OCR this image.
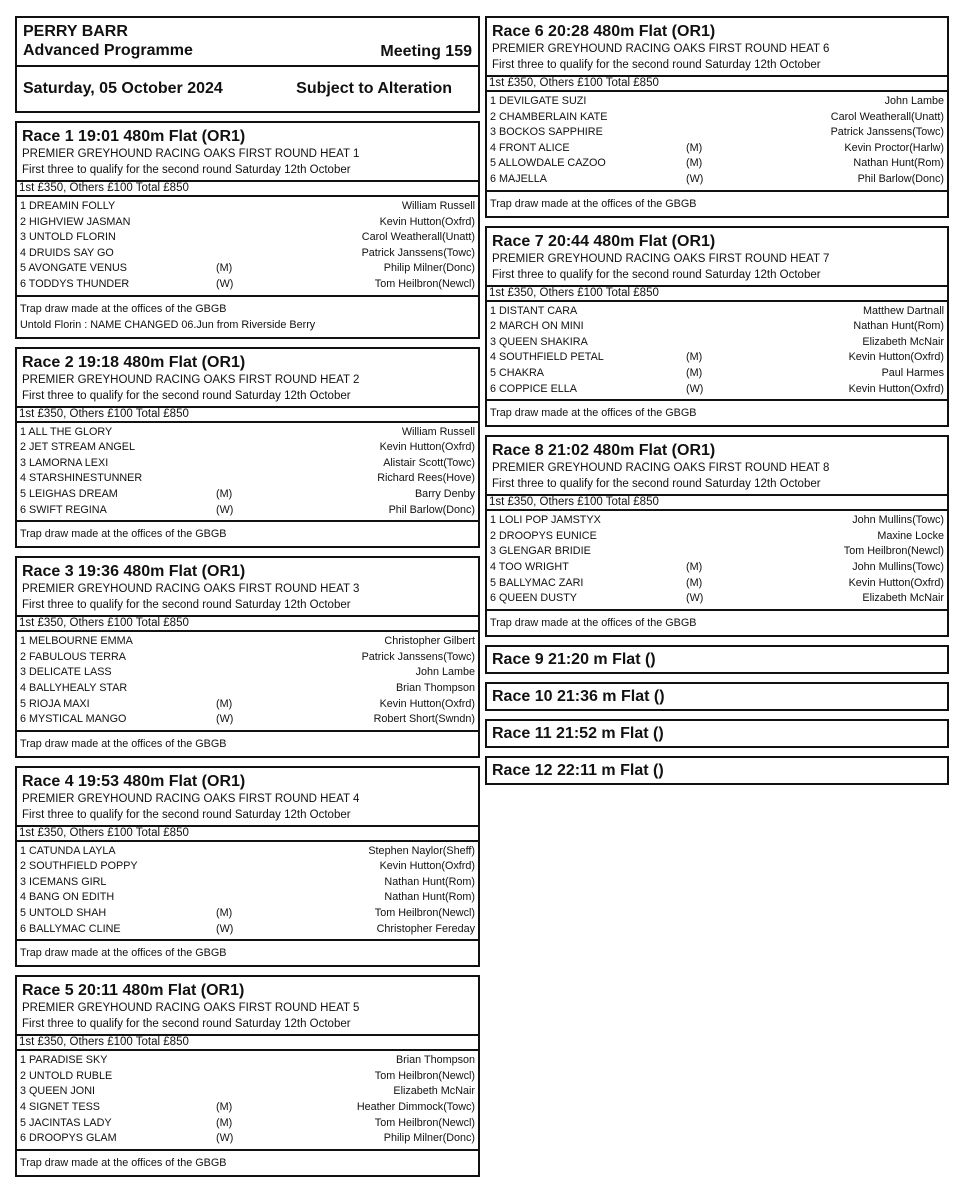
PERRY BARR
Advanced Programme	Meeting 159
Saturday, 05 October 2024	Subject to Alteration
Race 1 19:01 480m Flat (OR1)
PREMIER GREYHOUND RACING OAKS FIRST ROUND HEAT 1
First three to qualify for the second round Saturday 12th October
1st £350, Others £100 Total £850
1 DREAMIN FOLLY	William Russell
2 HIGHVIEW JASMAN	Kevin Hutton(Oxfrd)
3 UNTOLD FLORIN	Carol Weatherall(Unatt)
4 DRUIDS SAY GO	Patrick Janssens(Towc)
5 AVONGATE VENUS	(M)	Philip Milner(Donc)
6 TODDYS THUNDER	(W)	Tom Heilbron(Newcl)
Trap draw made at the offices of the GBGB
Untold Florin : NAME CHANGED 06.Jun from Riverside Berry
Race 2 19:18 480m Flat (OR1)
PREMIER GREYHOUND RACING OAKS FIRST ROUND HEAT 2
First three to qualify for the second round Saturday 12th October
1st £350, Others £100 Total £850
1 ALL THE GLORY	William Russell
2 JET STREAM ANGEL	Kevin Hutton(Oxfrd)
3 LAMORNA LEXI	Alistair Scott(Towc)
4 STARSHINESTUNNER	Richard Rees(Hove)
5 LEIGHAS DREAM	(M)	Barry Denby
6 SWIFT REGINA	(W)	Phil Barlow(Donc)
Trap draw made at the offices of the GBGB
Race 3 19:36 480m Flat (OR1)
PREMIER GREYHOUND RACING OAKS FIRST ROUND HEAT 3
First three to qualify for the second round Saturday 12th October
1st £350, Others £100 Total £850
1 MELBOURNE EMMA	Christopher Gilbert
2 FABULOUS TERRA	Patrick Janssens(Towc)
3 DELICATE LASS	John Lambe
4 BALLYHEALY STAR	Brian Thompson
5 RIOJA MAXI	(M)	Kevin Hutton(Oxfrd)
6 MYSTICAL MANGO	(W)	Robert Short(Swndn)
Trap draw made at the offices of the GBGB
Race 4 19:53 480m Flat (OR1)
PREMIER GREYHOUND RACING OAKS FIRST ROUND HEAT 4
First three to qualify for the second round Saturday 12th October
1st £350, Others £100 Total £850
1 CATUNDA LAYLA	Stephen Naylor(Sheff)
2 SOUTHFIELD POPPY	Kevin Hutton(Oxfrd)
3 ICEMANS GIRL	Nathan Hunt(Rom)
4 BANG ON EDITH	Nathan Hunt(Rom)
5 UNTOLD SHAH	(M)	Tom Heilbron(Newcl)
6 BALLYMAC CLINE	(W)	Christopher Fereday
Trap draw made at the offices of the GBGB
Race 5 20:11 480m Flat (OR1)
PREMIER GREYHOUND RACING OAKS FIRST ROUND HEAT 5
First three to qualify for the second round Saturday 12th October
1st £350, Others £100 Total £850
1 PARADISE SKY	Brian Thompson
2 UNTOLD RUBLE	Tom Heilbron(Newcl)
3 QUEEN JONI	Elizabeth McNair
4 SIGNET TESS	(M)	Heather Dimmock(Towc)
5 JACINTAS LADY	(M)	Tom Heilbron(Newcl)
6 DROOPYS GLAM	(W)	Philip Milner(Donc)
Trap draw made at the offices of the GBGB
Race 6 20:28 480m Flat (OR1)
PREMIER GREYHOUND RACING OAKS FIRST ROUND HEAT 6
First three to qualify for the second round Saturday 12th October
1st £350, Others £100 Total £850
1 DEVILGATE SUZI	John Lambe
2 CHAMBERLAIN KATE	Carol Weatherall(Unatt)
3 BOCKOS SAPPHIRE	Patrick Janssens(Towc)
4 FRONT ALICE	(M)	Kevin Proctor(Harlw)
5 ALLOWDALE CAZOO	(M)	Nathan Hunt(Rom)
6 MAJELLA	(W)	Phil Barlow(Donc)
Trap draw made at the offices of the GBGB
Race 7 20:44 480m Flat (OR1)
PREMIER GREYHOUND RACING OAKS FIRST ROUND HEAT 7
First three to qualify for the second round Saturday 12th October
1st £350, Others £100 Total £850
1 DISTANT CARA	Matthew Dartnall
2 MARCH ON MINI	Nathan Hunt(Rom)
3 QUEEN SHAKIRA	Elizabeth McNair
4 SOUTHFIELD PETAL	(M)	Kevin Hutton(Oxfrd)
5 CHAKRA	(M)	Paul Harmes
6 COPPICE ELLA	(W)	Kevin Hutton(Oxfrd)
Trap draw made at the offices of the GBGB
Race 8 21:02 480m Flat (OR1)
PREMIER GREYHOUND RACING OAKS FIRST ROUND HEAT 8
First three to qualify for the second round Saturday 12th October
1st £350, Others £100 Total £850
1 LOLI POP JAMSTYX	John Mullins(Towc)
2 DROOPYS EUNICE	Maxine Locke
3 GLENGAR BRIDIE	Tom Heilbron(Newcl)
4 TOO WRIGHT	(M)	John Mullins(Towc)
5 BALLYMAC ZARI	(M)	Kevin Hutton(Oxfrd)
6 QUEEN DUSTY	(W)	Elizabeth McNair
Trap draw made at the offices of the GBGB
Race 9 21:20 m Flat ()
Race 10 21:36 m Flat ()
Race 11 21:52 m Flat ()
Race 12 22:11 m Flat ()
